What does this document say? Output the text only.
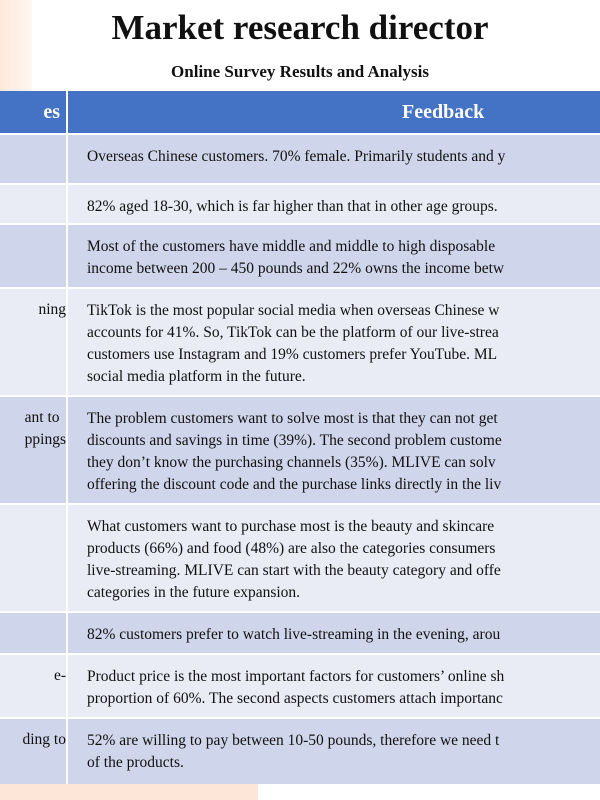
Market research director
Online Survey Results and Analysis
es	Feedback
Overseas Chinese customers. 70% female. Primarily students and y
82% aged 18-30, which is far higher than that in other age groups.
Most of the customers have middle and middle to high disposable
income between 200 – 450 pounds and 22% owns the income betw
ning TikTok is the most popular social media when overseas Chinese w
accounts for 41%. So, TikTok can be the platform of our live-strea
customers use Instagram and 19% customers prefer YouTube. ML
social media platform in the future.
ant to
ppings
The problem customers want to solve most is that they can not get
discounts and savings in time (39%). The second problem custome
they don’t know the purchasing channels (35%). MLIVE can solv
offering the discount code and the purchase links directly in the liv
What customers want to purchase most is the beauty and skincare
products (66%) and food (48%) are also the categories consumers
live-streaming. MLIVE can start with the beauty category and offe
categories in the future expansion.
82% customers prefer to watch live-streaming in the evening, arou
e- Product price is the most important factors for customers’ online sh
proportion of 60%. The second aspects customers attach importanc
ding to 52% are willing to pay between 10-50 pounds, therefore we need t
of the products.
